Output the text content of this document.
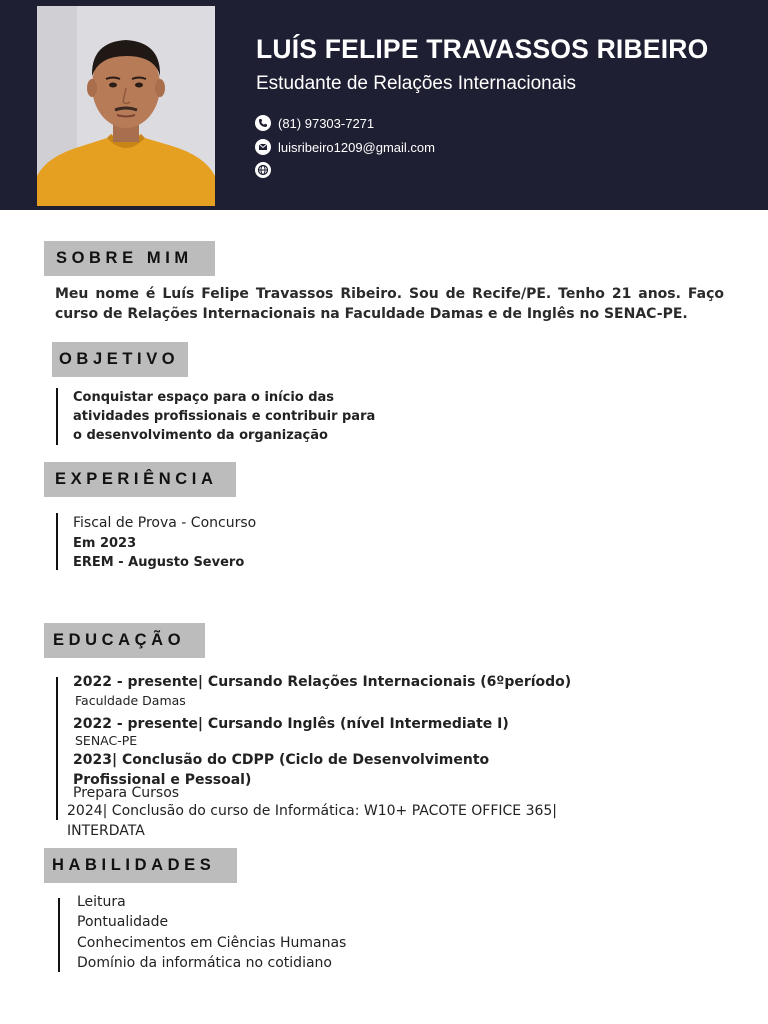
LUÍS FELIPE TRAVASSOS RIBEIRO

Estudante de Relações Internacionais

(81) 97303-7271
luisribeiro1209@gmail.com
SOBRE MIM

Meu nome é Luís Felipe Travassos Ribeiro. Sou de Recife/PE. Tenho 21 anos. Faço curso de Relações Internacionais na Faculdade Damas e de Inglês no SENAC-PE.

OBJETIVO
Conquistar espaço para o início das
atividades profissionais e contribuir para
o desenvolvimento da organização
EXPERIÊNCIA
Fiscal de Prova - Concurso
Em 2023
EREM - Augusto Severo
EDUCAÇÃO
2022 - presente| Cursando Relações Internacionais (6ºperíodo)
Faculdade Damas
2022 - presente| Cursando Inglês (nível Intermediate I)
SENAC-PE
2023| Conclusão do CDPP (Ciclo de Desenvolvimento
Profissional e Pessoal)
Prepara Cursos
2024| Conclusão do curso de Informática: W10+ PACOTE OFFICE 365|
INTERDATA
HABILIDADES
Leitura
Pontualidade
Conhecimentos em Ciências Humanas
Domínio da informática no cotidiano
